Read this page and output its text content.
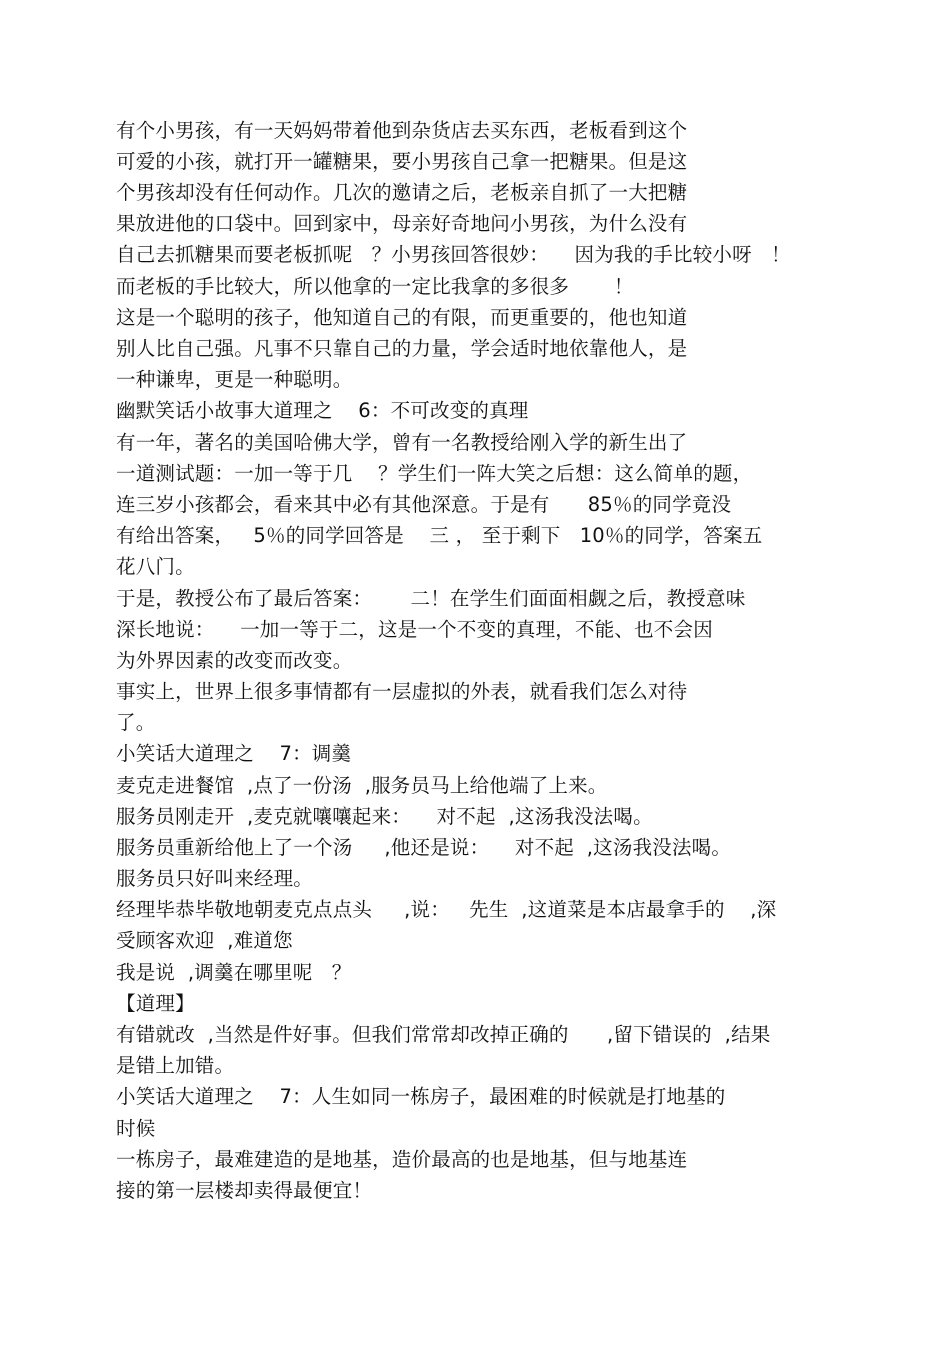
有个小男孩，有一天妈妈带着他到杂货店去买东西，老板看到这个
可爱的小孩，就打开一罐糖果，要小男孩自己拿一把糖果。但是这
个男孩却没有任何动作。几次的邀请之后，老板亲自抓了一大把糖
果放进他的口袋中。回到家中，母亲好奇地问小男孩，为什么没有
自己去抓糖果而要老板抓呢   ？小男孩回答很妙：    因为我的手比较小呀   ！
而老板的手比较大，所以他拿的一定比我拿的多很多       ！
这是一个聪明的孩子，他知道自己的有限，而更重要的，他也知道
别人比自己强。凡事不只靠自己的力量，学会适时地依靠他人，是
一种谦卑，更是一种聪明。
幽默笑话小故事大道理之    6：不可改变的真理
有一年，著名的美国哈佛大学，曾有一名教授给刚入学的新生出了
一道测试题：一加一等于几    ？学生们一阵大笑之后想：这么简单的题，
连三岁小孩都会，看来其中必有其他深意。于是有      85％的同学竟没
有给出答案，   5％的同学回答是    三 ， 至于剩下   10％的同学，答案五
花八门。
于是，教授公布了最后答案：      二！在学生们面面相觑之后，教授意味
深长地说：    一加一等于二，这是一个不变的真理，不能、也不会因
为外界因素的改变而改变。
事实上，世界上很多事情都有一层虚拟的外表，就看我们怎么对待
了。
小笑话大道理之    7：调羹
麦克走进餐馆  ,点了一份汤  ,服务员马上给他端了上来。
服务员刚走开  ,麦克就嚷嚷起来：    对不起  ,这汤我没法喝。
服务员重新给他上了一个汤     ,他还是说：    对不起  ,这汤我没法喝。
服务员只好叫来经理。
经理毕恭毕敬地朝麦克点点头     ,说：   先生  ,这道菜是本店最拿手的    ,深
受顾客欢迎  ,难道您
我是说  ,调羹在哪里呢   ？
【道理】
有错就改  ,当然是件好事。但我们常常却改掉正确的      ,留下错误的  ,结果
是错上加错。
小笑话大道理之    7：人生如同一栋房子，最困难的时候就是打地基的
时候
一栋房子，最难建造的是地基，造价最高的也是地基，但与地基连
接的第一层楼却卖得最便宜！
